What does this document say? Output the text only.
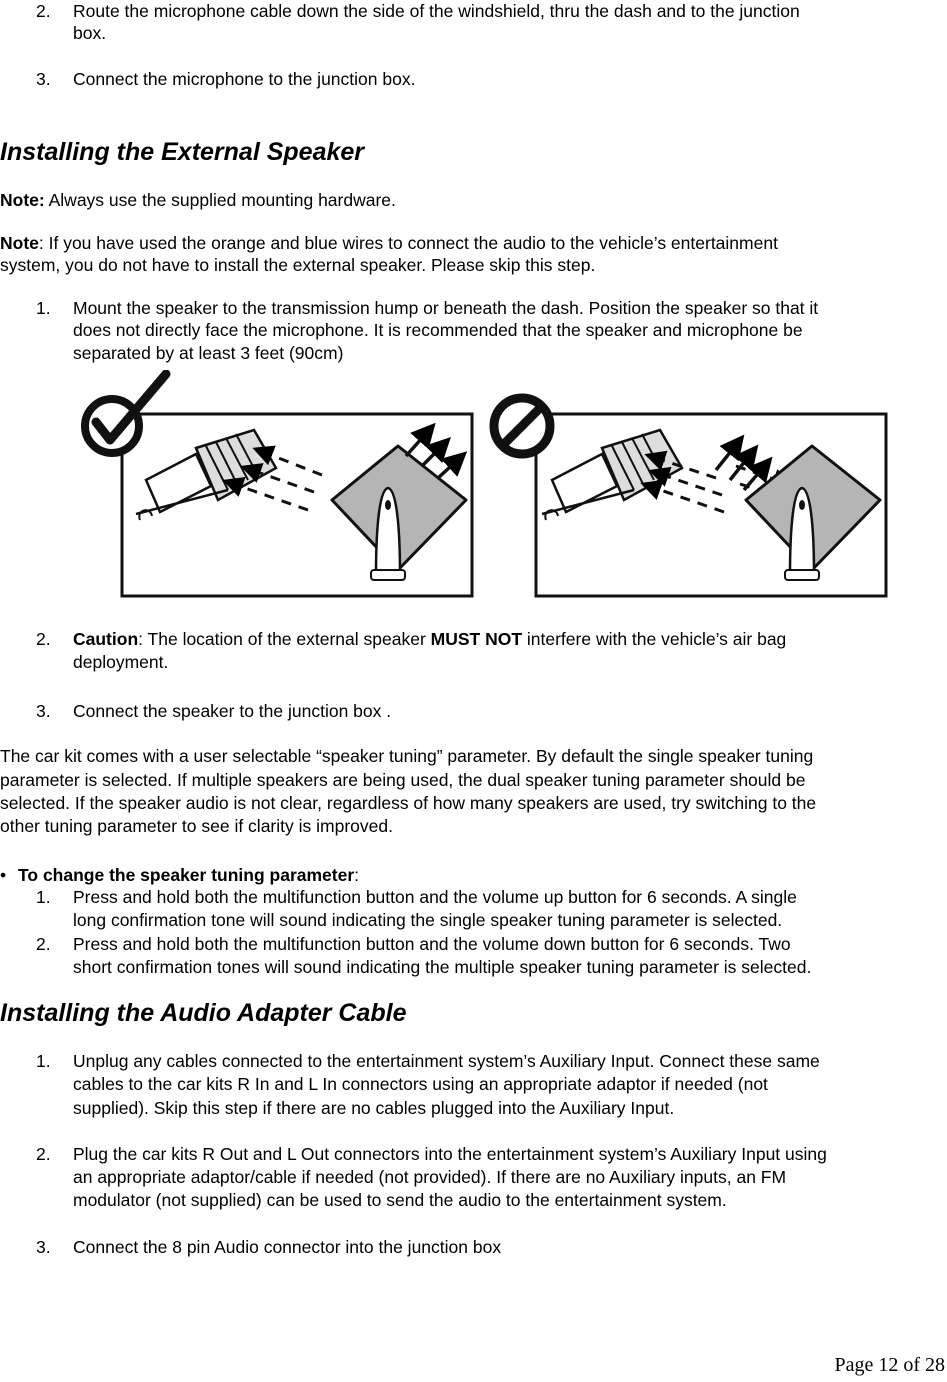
2. Route the microphone cable down the side of the windshield, thru the dash and to the junction
box.
3. Connect the microphone to the junction box.
Installing the External Speaker
Note: Always use the supplied mounting hardware.
Note: If you have used the orange and blue wires to connect the audio to the vehicle’s entertainment
system, you do not have to install the external speaker. Please skip this step.
1. Mount the speaker to the transmission hump or beneath the dash. Position the speaker so that it
does not directly face the microphone. It is recommended that the speaker and microphone be
separated by at least 3 feet (90cm)
2. Caution: The location of the external speaker MUST NOT interfere with the vehicle’s air bag
deployment.
3. Connect the speaker to the junction box .
The car kit comes with a user selectable “speaker tuning” parameter. By default the single speaker tuning
parameter is selected. If multiple speakers are being used, the dual speaker tuning parameter should be
selected. If the speaker audio is not clear, regardless of how many speakers are used, try switching to the
other tuning parameter to see if clarity is improved.
• To change the speaker tuning parameter:
1. Press and hold both the multifunction button and the volume up button for 6 seconds. A single
long confirmation tone will sound indicating the single speaker tuning parameter is selected.
2. Press and hold both the multifunction button and the volume down button for 6 seconds. Two
short confirmation tones will sound indicating the multiple speaker tuning parameter is selected.
Installing the Audio Adapter Cable
1. Unplug any cables connected to the entertainment system’s Auxiliary Input. Connect these same
cables to the car kits R In and L In connectors using an appropriate adaptor if needed (not
supplied). Skip this step if there are no cables plugged into the Auxiliary Input.
2. Plug the car kits R Out and L Out connectors into the entertainment system’s Auxiliary Input using
an appropriate adaptor/cable if needed (not provided). If there are no Auxiliary inputs, an FM
modulator (not supplied) can be used to send the audio to the entertainment system.
3. Connect the 8 pin Audio connector into the junction box
Page 12 of 28
